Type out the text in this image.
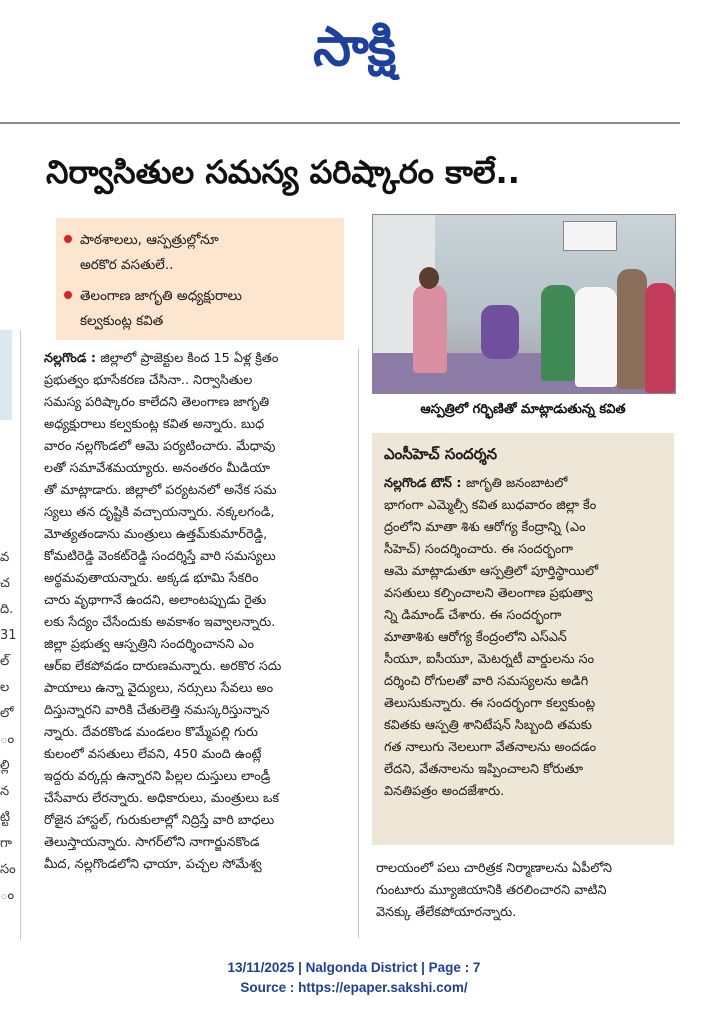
సాక్షి
నిర్వాసితుల సమస్య పరిష్కారం కాలే..
వ
చ
ది.
31
ల్
ల
లో
ం
ల్లి
న
ట్టి
గా
సం
ం
పాఠశాలలు, ఆస్పత్రుల్లోనూ
అరకొర వసతులే..
తెలంగాణ జాగృతి అధ్యక్షురాలు
కల్వకుంట్ల కవిత
ఆస్పత్రిలో గర్భిణితో మాట్లాడుతున్న కవిత
నల్లగొండ : జిల్లాలో ప్రాజెక్టుల కింద 15 ఏళ్ల క్రితం
ప్రభుత్వం భూసేకరణ చేసినా.. నిర్వాసితుల
సమస్య పరిష్కారం కాలేదని తెలంగాణ జాగృతి
అధ్యక్షురాలు కల్వకుంట్ల కవిత అన్నారు. బుధ
వారం నల్లగొండలో ఆమె పర్యటించారు. మేధావు
లతో సమావేశమయ్యారు. అనంతరం మీడియా
తో మాట్లాడారు. జిల్లాలో పర్యటనలో అనేక సమ
స్యలు తన దృష్టికి వచ్చాయన్నారు. నక్కలగండి,
మోత్యతండాను మంత్రులు ఉత్తమ్‌కుమార్‌రెడ్డి,
కోమటిరెడ్డి వెంకట్‌రెడ్డి సందర్శిస్తే వారి సమస్యలు
అర్థమవుతాయన్నారు. అక్కడ భూమి సేకరిం
చారు వృథాగానే ఉందని, అలాంటప్పుడు రైతు
లకు సేద్యం చేసేందుకు అవకాశం ఇవ్వాలన్నారు.
జిల్లా ప్రభుత్వ ఆస్పత్రిని సందర్శించానని ఎం
ఆర్‌ఐ లేకపోవడం దారుణమన్నారు. అరకొర సదు
పాయాలు ఉన్నా వైద్యులు, నర్సులు సేవలు అం
దిస్తున్నారని వారికి చేతులెత్తి నమస్కరిస్తున్నాన
న్నారు. దేవరకొండ మండలం కొమ్మేపల్లి గురు
కులంలో వసతులు లేవని, 450 మంది ఉంట్లే
ఇద్దరు వర్కర్లు ఉన్నారని పిల్లల దుస్తులు లాండ్రీ
చేసేవారు లేరన్నారు. అధికారులు, మంత్రులు ఒక
రోజైన హాస్టల్, గురుకులాల్లో నిద్రిస్తే వారి బాధలు
తెలుస్తాయన్నారు. సాగర్‌లోని నాగార్జునకొండ
మీద, నల్లగొండలోని ఛాయా, పచ్చల సోమేశ్వ
ఎంసీహెచ్ సందర్శన
నల్లగొండ టౌన్ : జాగృతి జనంబాటలో
భాగంగా ఎమ్మెల్సీ కవిత బుధవారం జిల్లా కేం
ద్రంలోని మాతా శిశు ఆరోగ్య కేంద్రాన్ని (ఎం
సీహెచ్) సందర్శించారు. ఈ సందర్భంగా
ఆమె మాట్లాడుతూ ఆస్పత్రిలో పూర్తిస్థాయిలో
వసతులు కల్పించాలని తెలంగాణ ప్రభుత్వా
న్ని డిమాండ్ చేశారు. ఈ సందర్భంగా
మాతాశిశు ఆరోగ్య కేంద్రంలోని ఎస్ఎన్
సీయూ, ఐసీయూ, మెటర్నటీ వార్డులను సం
దర్శించి రోగులతో వారి సమస్యలను అడిగి
తెలుసుకున్నారు. ఈ సందర్భంగా కల్వకుంట్ల
కవితకు ఆస్పత్రి శానిటేషన్ సిబ్బంది తమకు
గత నాలుగు నెలలుగా వేతనాలను అందడం
లేదని, వేతనాలను ఇప్పించాలని కోరుతూ
వినతిపత్రం అందజేశారు.
రాలయంలో పలు చారిత్రక నిర్మాణాలను ఏపీలోని
గుంటూరు మ్యూజియానికి తరలించారని వాటిని
వెనక్కు తేలేకపోయారన్నారు.
13/11/2025 | Nalgonda District | Page : 7
Source : https://epaper.sakshi.com/
